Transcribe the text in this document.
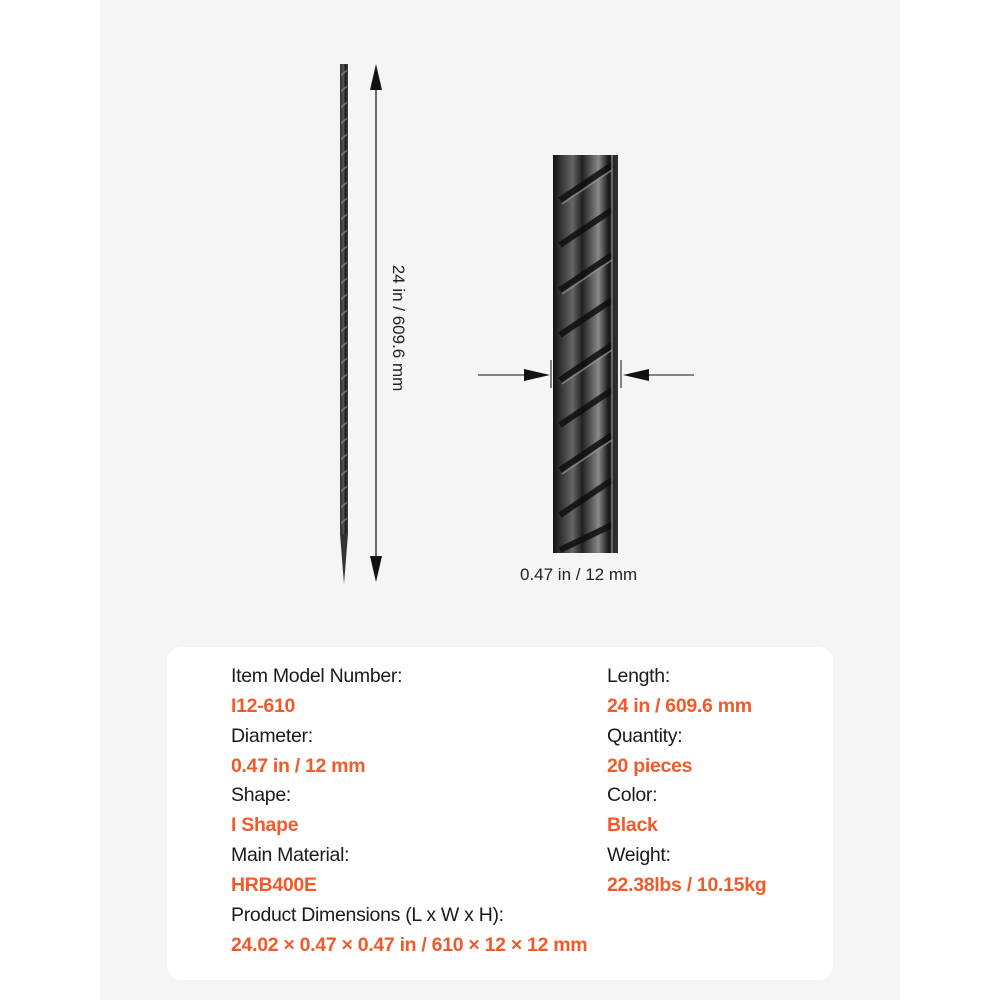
24 in / 609.6 mm
0.47 in / 12 mm
Item Model Number:
I12-610
Diameter:
0.47 in / 12 mm
Shape:
I Shape
Main Material:
HRB400E
Product Dimensions (L x W x H):
24.02 × 0.47 × 0.47 in / 610 × 12 × 12 mm
Length:
24 in / 609.6 mm
Quantity:
20 pieces
Color:
Black
Weight:
22.38lbs / 10.15kg
